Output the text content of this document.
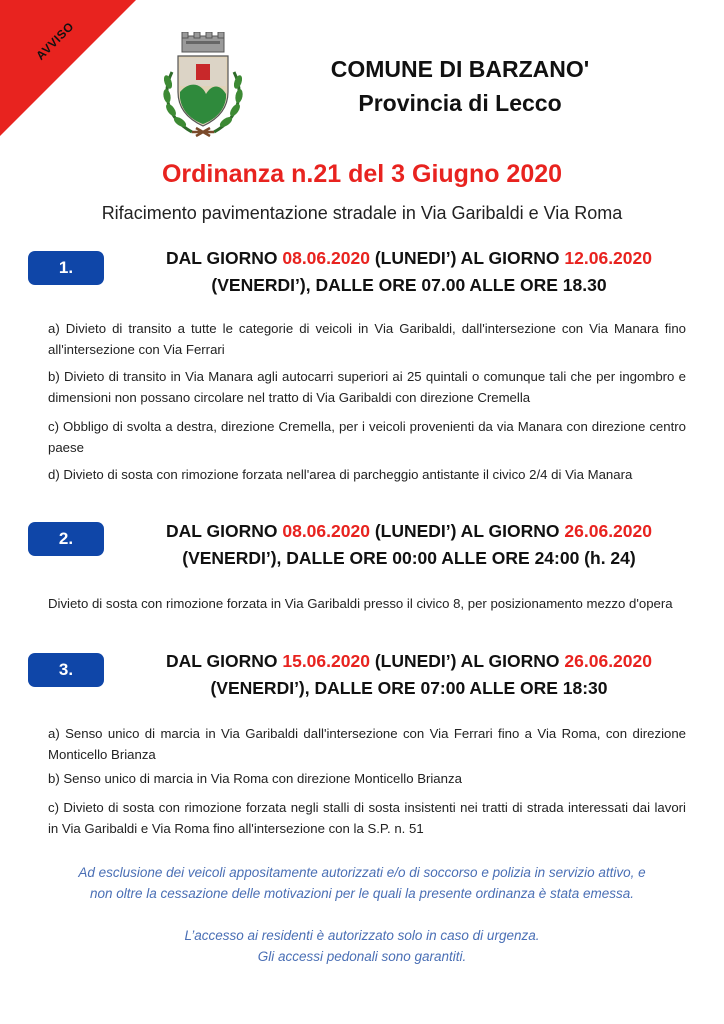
AVVISO
COMUNE DI BARZANO'
Provincia di Lecco
Ordinanza n.21 del 3 Giugno 2020
Rifacimento pavimentazione stradale in Via Garibaldi e Via Roma
1.	DAL GIORNO 08.06.2020 (LUNEDI’) AL GIORNO 12.06.2020
(VENERDI’), DALLE ORE 07.00 ALLE ORE 18.30
a) Divieto di transito a tutte le categorie di veicoli in Via Garibaldi, dall'intersezione con Via Manara fino all'intersezione con Via Ferrari
b) Divieto di transito in Via Manara agli autocarri superiori ai 25 quintali o comunque tali che per ingombro e dimensioni non possano circolare nel tratto di Via Garibaldi con direzione Cremella
c) Obbligo di svolta a destra, direzione Cremella, per i veicoli provenienti da via Manara con direzione centro paese
d) Divieto di sosta con rimozione forzata nell'area di parcheggio antistante il civico 2/4 di Via Manara
2.	DAL GIORNO 08.06.2020 (LUNEDI’) AL GIORNO 26.06.2020
(VENERDI’), DALLE ORE 00:00 ALLE ORE 24:00 (h. 24)
Divieto di sosta con rimozione forzata in Via Garibaldi presso il civico 8, per posizionamento mezzo d'opera
3.	DAL GIORNO 15.06.2020 (LUNEDI’) AL GIORNO 26.06.2020
(VENERDI’), DALLE ORE 07:00 ALLE ORE 18:30
a) Senso unico di marcia in Via Garibaldi dall'intersezione con Via Ferrari fino a Via Roma, con direzione Monticello Brianza
b) Senso unico di marcia in Via Roma con direzione Monticello Brianza
c) Divieto di sosta con rimozione forzata negli stalli di sosta insistenti nei tratti di strada interessati dai lavori in Via Garibaldi e Via Roma fino all'intersezione con la S.P. n. 51
Ad esclusione dei veicoli appositamente autorizzati e/o di soccorso e polizia in servizio attivo, e
non oltre la cessazione delle motivazioni per le quali la presente ordinanza è stata emessa.
L’accesso ai residenti è autorizzato solo in caso di urgenza.
Gli accessi pedonali sono garantiti.
